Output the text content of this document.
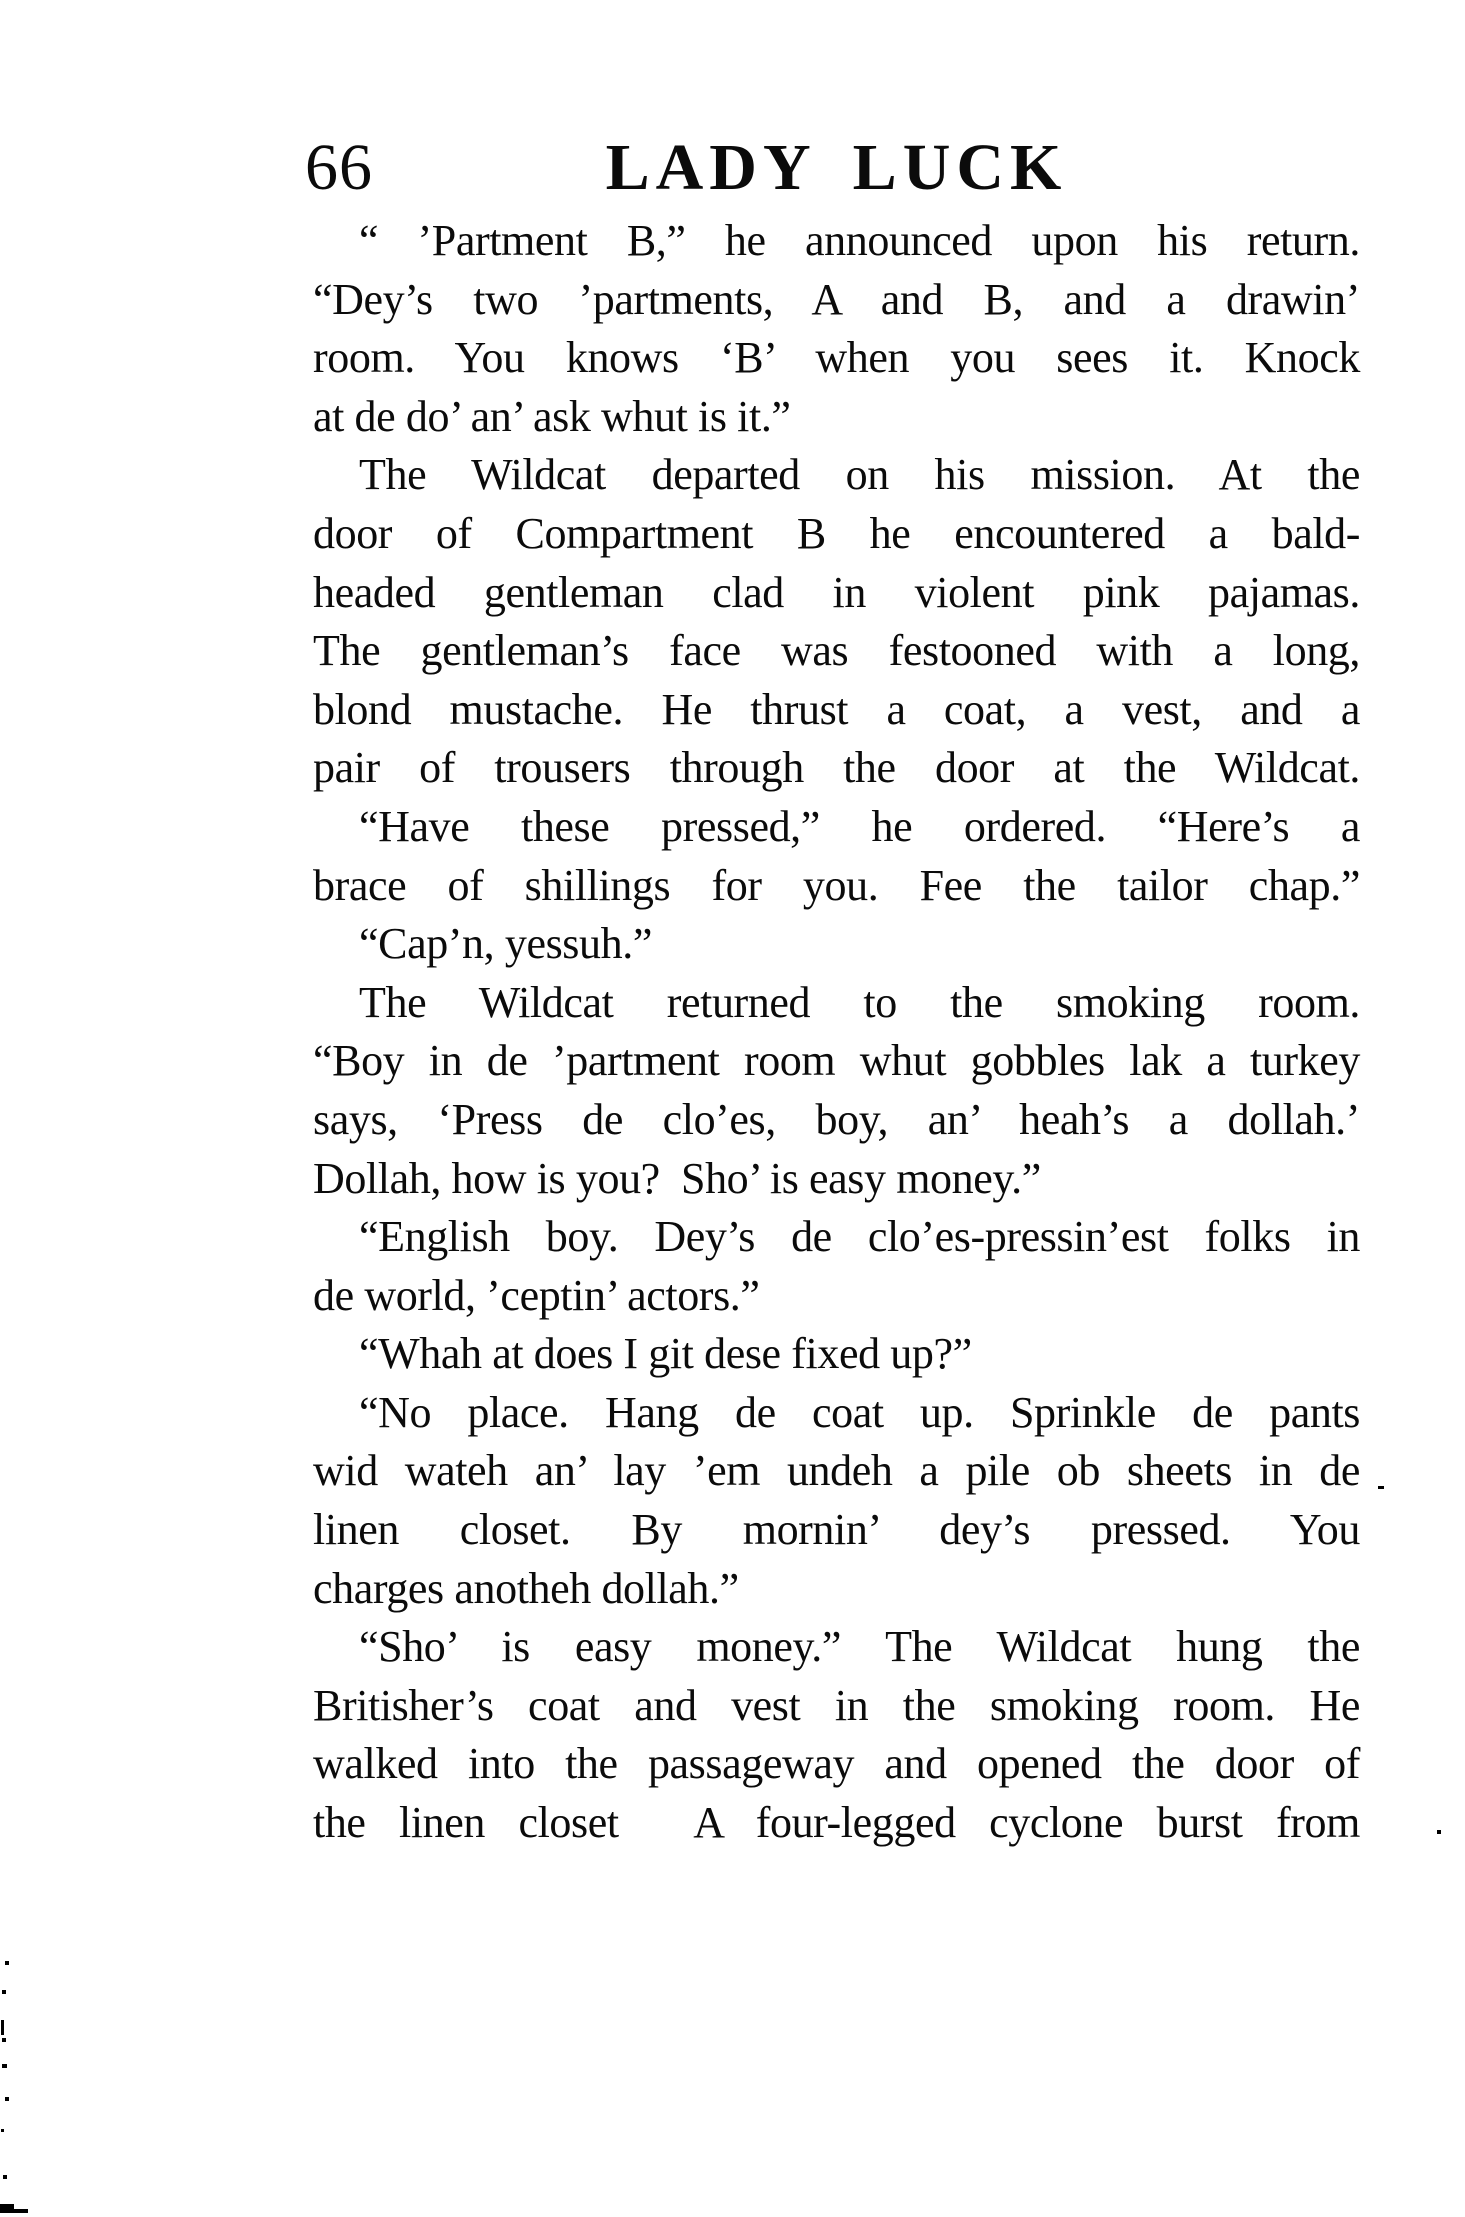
66	LADY LUCK
“ ’Partment B,” he announced upon his return.
“Dey’s two ’partments, A and B, and a drawin’
room. You knows ‘B’ when you sees it. Knock
at de do’ an’ ask whut is it.”
The Wildcat departed on his mission. At the
door of Compartment B he encountered a bald-
headed gentleman clad in violent pink pajamas.
The gentleman’s face was festooned with a long,
blond mustache. He thrust a coat, a vest, and a
pair of trousers through the door at the Wildcat.
“Have these pressed,” he ordered. “Here’s a
brace of shillings for you. Fee the tailor chap.”
“Cap’n, yessuh.”
The Wildcat returned to the smoking room.
“Boy in de ’partment room whut gobbles lak a turkey
says, ‘Press de clo’es, boy, an’ heah’s a dollah.’
Dollah, how is you?  Sho’ is easy money.”
“English boy. Dey’s de clo’es-pressin’est folks in
de world, ’ceptin’ actors.”
“Whah at does I git dese fixed up?”
“No place. Hang de coat up. Sprinkle de pants
wid wateh an’ lay ’em undeh a pile ob sheets in de
linen closet. By mornin’ dey’s pressed. You
charges anotheh dollah.”
“Sho’ is easy money.” The Wildcat hung the
Britisher’s coat and vest in the smoking room. He
walked into the passageway and opened the door of
the linen closet  A four-legged cyclone burst from
